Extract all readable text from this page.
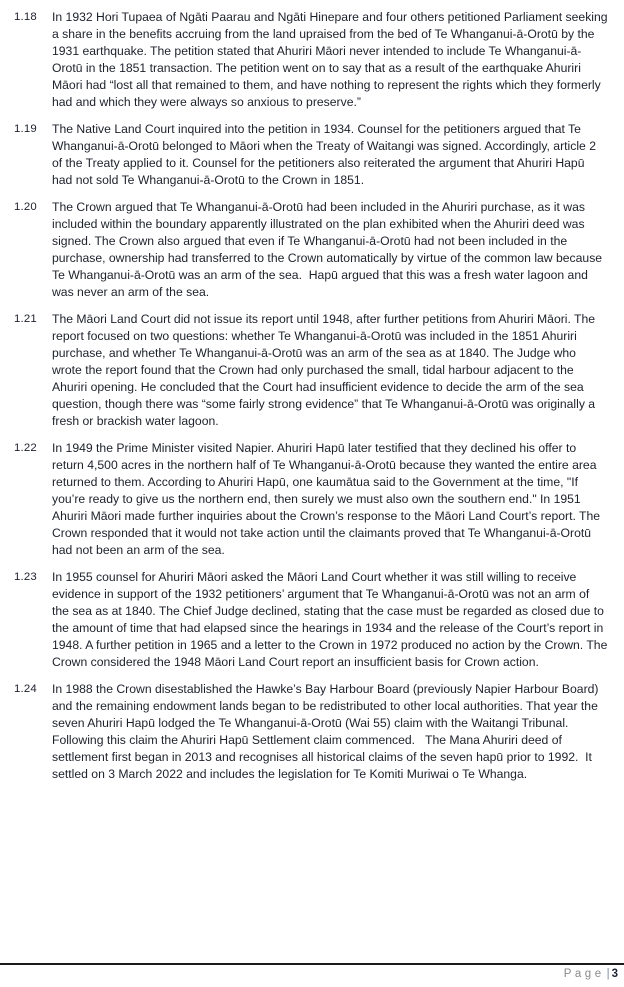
1.18	In 1932 Hori Tupaea of Ngāti Paarau and Ngāti Hinepare and four others petitioned Parliament seeking a share in the benefits accruing from the land upraised from the bed of Te Whanganui-ā-Orotū by the 1931 earthquake. The petition stated that Ahuriri Māori never intended to include Te Whanganui-ā-Orotū in the 1851 transaction. The petition went on to say that as a result of the earthquake Ahuriri Māori had “lost all that remained to them, and have nothing to represent the rights which they formerly had and which they were always so anxious to preserve.”
1.19	The Native Land Court inquired into the petition in 1934. Counsel for the petitioners argued that Te Whanganui-ā-Orotū belonged to Māori when the Treaty of Waitangi was signed. Accordingly, article 2 of the Treaty applied to it. Counsel for the petitioners also reiterated the argument that Ahuriri Hapū had not sold Te Whanganui-ā-Orotū to the Crown in 1851.
1.20	The Crown argued that Te Whanganui-ā-Orotū had been included in the Ahuriri purchase, as it was included within the boundary apparently illustrated on the plan exhibited when the Ahuriri deed was signed. The Crown also argued that even if Te Whanganui-ā-Orotū had not been included in the purchase, ownership had transferred to the Crown automatically by virtue of the common law because Te Whanganui-ā-Orotū was an arm of the sea.  Hapū argued that this was a fresh water lagoon and was never an arm of the sea.
1.21	The Māori Land Court did not issue its report until 1948, after further petitions from Ahuriri Māori. The report focused on two questions: whether Te Whanganui-ā-Orotū was included in the 1851 Ahuriri purchase, and whether Te Whanganui-ā-Orotū was an arm of the sea as at 1840. The Judge who wrote the report found that the Crown had only purchased the small, tidal harbour adjacent to the Ahuriri opening. He concluded that the Court had insufficient evidence to decide the arm of the sea question, though there was “some fairly strong evidence” that Te Whanganui-ā-Orotū was originally a fresh or brackish water lagoon.
1.22	In 1949 the Prime Minister visited Napier. Ahuriri Hapū later testified that they declined his offer to return 4,500 acres in the northern half of Te Whanganui-ā-Orotū because they wanted the entire area returned to them. According to Ahuriri Hapū, one kaumātua said to the Government at the time, "If you’re ready to give us the northern end, then surely we must also own the southern end." In 1951 Ahuriri Māori made further inquiries about the Crown’s response to the Māori Land Court’s report. The Crown responded that it would not take action until the claimants proved that Te Whanganui-ā-Orotū had not been an arm of the sea.
1.23	In 1955 counsel for Ahuriri Māori asked the Māori Land Court whether it was still willing to receive evidence in support of the 1932 petitioners’ argument that Te Whanganui-ā-Orotū was not an arm of the sea as at 1840. The Chief Judge declined, stating that the case must be regarded as closed due to the amount of time that had elapsed since the hearings in 1934 and the release of the Court’s report in 1948. A further petition in 1965 and a letter to the Crown in 1972 produced no action by the Crown. The Crown considered the 1948 Māori Land Court report an insufficient basis for Crown action.
1.24	In 1988 the Crown disestablished the Hawke’s Bay Harbour Board (previously Napier Harbour Board) and the remaining endowment lands began to be redistributed to other local authorities. That year the seven Ahuriri Hapū lodged the Te Whanganui-ā-Orotū (Wai 55) claim with the Waitangi Tribunal.  Following this claim the Ahuriri Hapū Settlement claim commenced.   The Mana Ahuriri deed of settlement first began in 2013 and recognises all historical claims of the seven hapū prior to 1992.  It settled on 3 March 2022 and includes the legislation for Te Komiti Muriwai o Te Whanga.
Page | 3
